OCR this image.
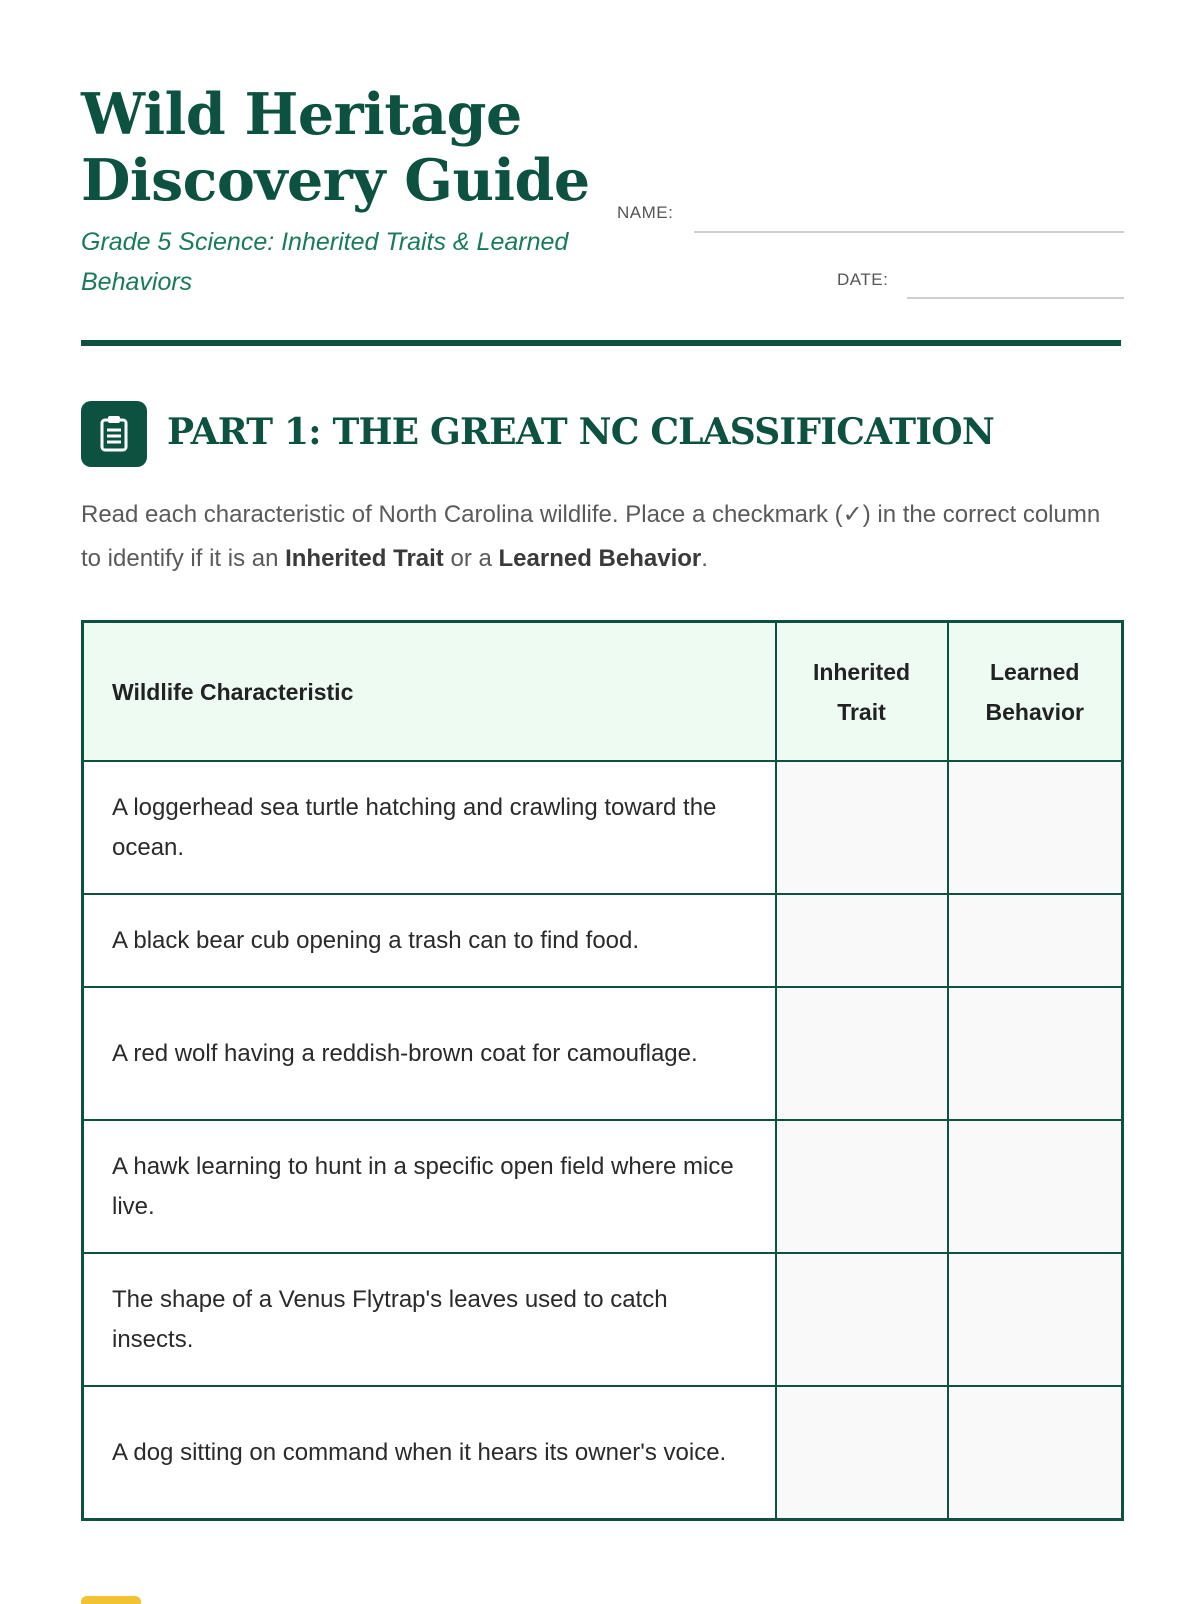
Wild Heritage
Discovery Guide
Grade 5 Science: Inherited Traits & Learned Behaviors
NAME:
DATE:
PART 1: THE GREAT NC CLASSIFICATION
Read each characteristic of North Carolina wildlife. Place a checkmark (✓) in the correct column to identify if it is an Inherited Trait or a Learned Behavior.
Wildlife Characteristic	Inherited Trait	Learned Behavior

A loggerhead sea turtle hatching and crawling toward the ocean.		
A black bear cub opening a trash can to find food.		
A red wolf having a reddish-brown coat for camouflage.		
A hawk learning to hunt in a specific open field where mice live.		
The shape of a Venus Flytrap's leaves used to catch insects.		
A dog sitting on command when it hears its owner's voice.		
